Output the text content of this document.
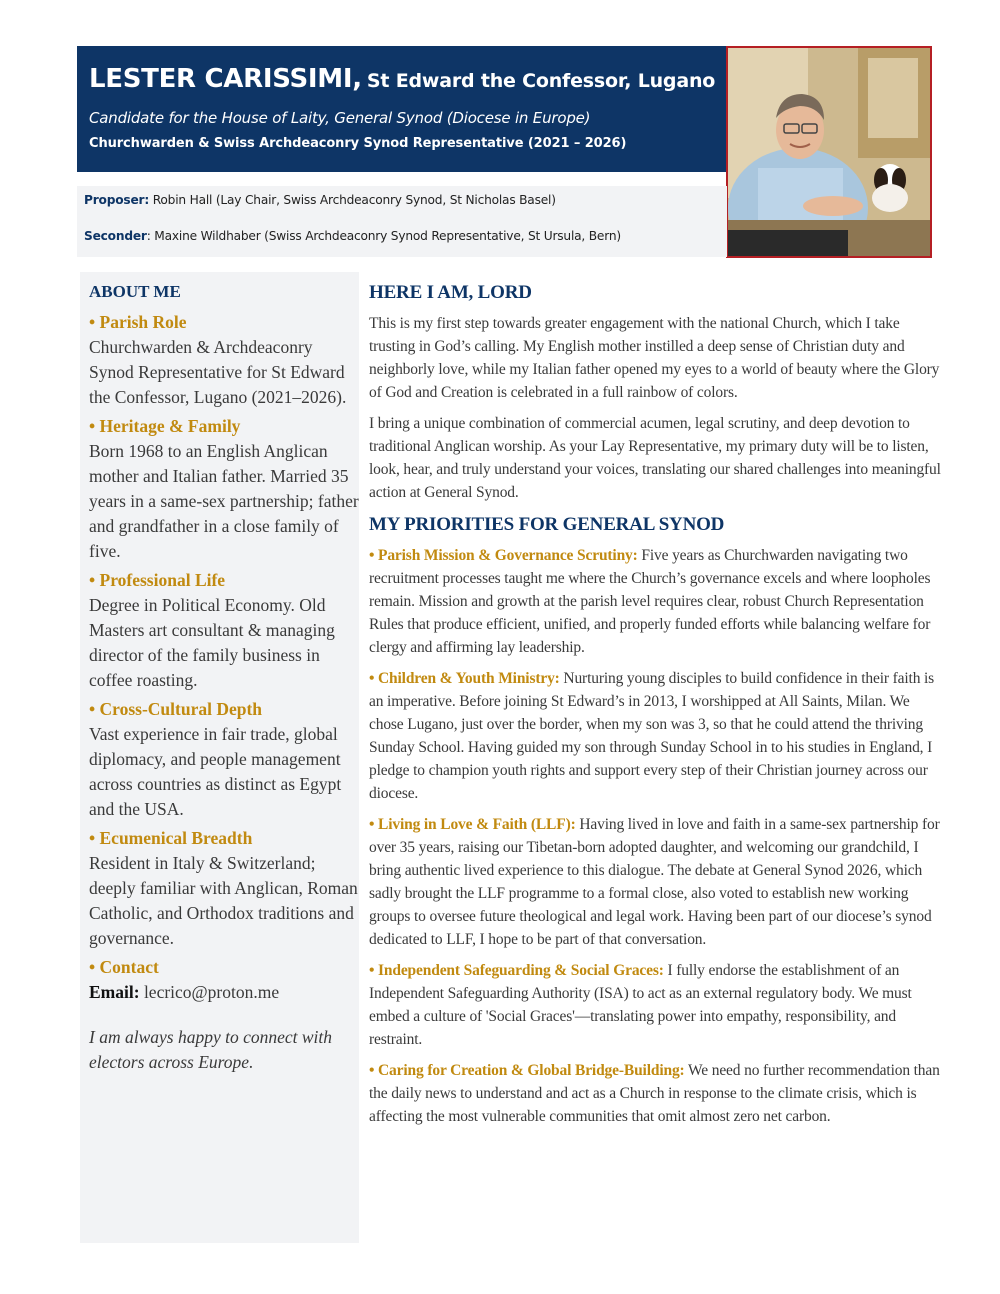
LESTER CARISSIMI, St Edward the Confessor, Lugano
Candidate for the House of Laity, General Synod (Diocese in Europe)
Churchwarden & Swiss Archdeaconry Synod Representative (2021 – 2026)
Proposer: Robin Hall (Lay Chair, Swiss Archdeaconry Synod, St Nicholas Basel)
Seconder: Maxine Wildhaber (Swiss Archdeaconry Synod Representative, St Ursula, Bern)
ABOUT ME
• Parish Role

Churchwarden & Archdeaconry Synod Representative for St Edward the Confessor, Lugano (2021–2026).

• Heritage & Family

Born 1968 to an English Anglican mother and Italian father. Married 35 years in a same-sex partnership; father and grandfather in a close family of five.

• Professional Life

Degree in Political Economy. Old Masters art consultant & managing director of the family business in coffee roasting.

• Cross-Cultural Depth

Vast experience in fair trade, global diplomacy, and people management across countries as distinct as Egypt and the USA.

• Ecumenical Breadth

Resident in Italy & Switzerland; deeply familiar with Anglican, Roman Catholic, and Orthodox traditions and governance.

• Contact

Email: lecrico@proton.me

I am always happy to connect with electors across Europe.
HERE I AM, LORD

This is my first step towards greater engagement with the national Church, which I take trusting in God’s calling. My English mother instilled a deep sense of Christian duty and neighborly love, while my Italian father opened my eyes to a world of beauty where the Glory of God and Creation is celebrated in a full rainbow of colors.

I bring a unique combination of commercial acumen, legal scrutiny, and deep devotion to traditional Anglican worship. As your Lay Representative, my primary duty will be to listen, look, hear, and truly understand your voices, translating our shared challenges into meaningful action at General Synod.

MY PRIORITIES FOR GENERAL SYNOD

• Parish Mission & Governance Scrutiny: Five years as Churchwarden navigating two recruitment processes taught me where the Church’s governance excels and where loopholes remain. Mission and growth at the parish level requires clear, robust Church Representation Rules that produce efficient, unified, and properly funded efforts while balancing welfare for clergy and affirming lay leadership.

• Children & Youth Ministry: Nurturing young disciples to build confidence in their faith is an imperative. Before joining St Edward’s in 2013, I worshipped at All Saints, Milan. We chose Lugano, just over the border, when my son was 3, so that he could attend the thriving Sunday School. Having guided my son through Sunday School in to his studies in England, I pledge to champion youth rights and support every step of their Christian journey across our diocese.

• Living in Love & Faith (LLF): Having lived in love and faith in a same-sex partnership for over 35 years, raising our Tibetan-born adopted daughter, and welcoming our grandchild, I bring authentic lived experience to this dialogue. The debate at General Synod 2026, which sadly brought the LLF programme to a formal close, also voted to establish new working groups to oversee future theological and legal work. Having been part of our diocese’s synod dedicated to LLF, I hope to be part of that conversation.

• Independent Safeguarding & Social Graces: I fully endorse the establishment of an Independent Safeguarding Authority (ISA) to act as an external regulatory body. We must embed a culture of 'Social Graces'—translating power into empathy, responsibility, and restraint.

• Caring for Creation & Global Bridge-Building: We need no further recommendation than the daily news to understand and act as a Church in response to the climate crisis, which is affecting the most vulnerable communities that omit almost zero net carbon.
